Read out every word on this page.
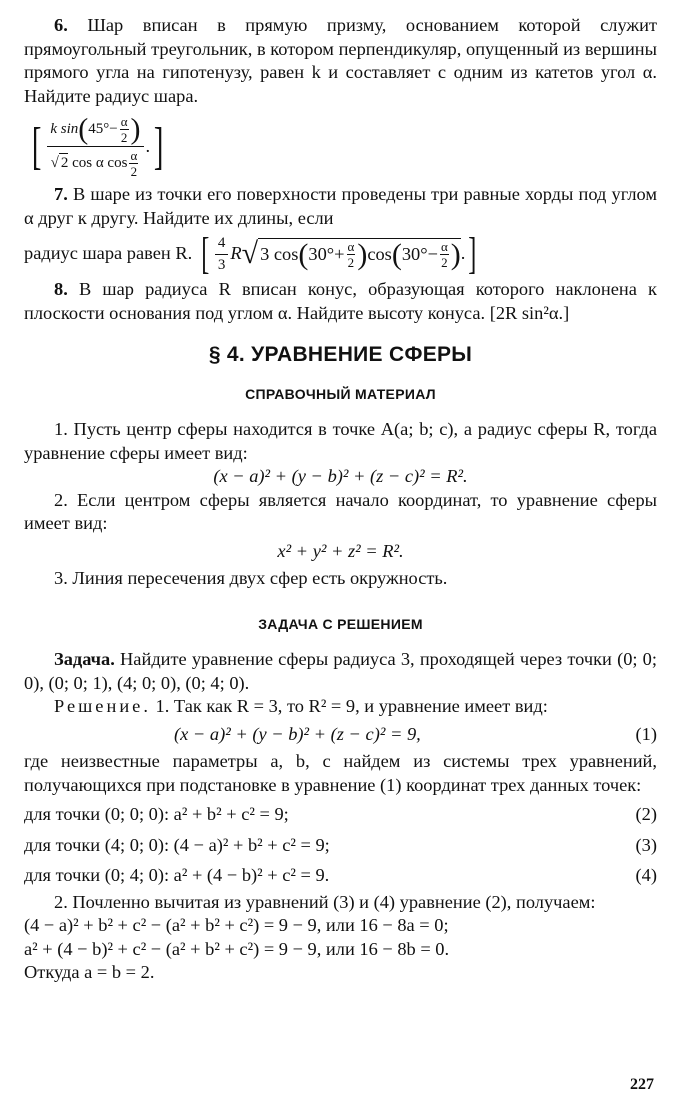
6. Шар вписан в прямую призму, основанием которой служит прямоугольный треугольник, в котором перпендикуляр, опущенный из вершины прямого угла на гипотенузу, равен k и составляет с одним из катетов угол α. Найдите радиус шара.

[ $\frac{k \sin(45^\circ- \frac{\alpha}{2} )}{√ 2 \cos \alpha \cos \frac{\alpha}{2}}$ . ]

7. В шаре из точки его поверхности проведены три равные хорды под углом α друг к другу. Найдите их длины, если

радиус шара равен R. [ $\frac{4}{3}$ R √ 3 cos ( $30^\circ+ \frac{\alpha}{2}$ ) cos ( $30^\circ- \frac{\alpha}{2}$ ) . ]

8. В шар радиуса R вписан конус, образующая которого наклонена к плоскости основания под углом α. Найдите высоту конуса. [2R sin²α.]

§ 4. УРАВНЕНИЕ СФЕРЫ
СПРАВОЧНЫЙ МАТЕРИАЛ

1. Пусть центр сферы находится в точке A(a; b; c), а радиус сферы R, тогда уравнение сферы имеет вид:

(x − a)² + (y − b)² + (z − c)² = R².

2. Если центром сферы является начало координат, то уравнение сферы имеет вид:

x² + y² + z² = R².

3. Линия пересечения двух сфер есть окружность.

ЗАДАЧА С РЕШЕНИЕМ

Задача. Найдите уравнение сферы радиуса 3, проходящей через точки (0; 0; 0), (0; 0; 1), (4; 0; 0), (0; 4; 0).

Решение. 1. Так как R = 3, то R² = 9, и уравнение имеет вид:

(x − a)² + (y − b)² + (z − c)² = 9,	(1)

где неизвестные параметры a, b, c найдем из системы трех уравнений, получающихся при подстановке в уравнение (1) координат трех данных точек:

для точки (0; 0; 0): a² + b² + c² = 9;	(2)
для точки (4; 0; 0): (4 − a)² + b² + c² = 9;	(3)
для точки (0; 4; 0): a² + (4 − b)² + c² = 9.	(4)

2. Почленно вычитая из уравнений (3) и (4) уравнение (2), получаем:

(4 − a)² + b² + c² − (a² + b² + c²) = 9 − 9, или 16 − 8a = 0;

a² + (4 − b)² + c² − (a² + b² + c²) = 9 − 9, или 16 − 8b = 0.

Откуда a = b = 2.

227
